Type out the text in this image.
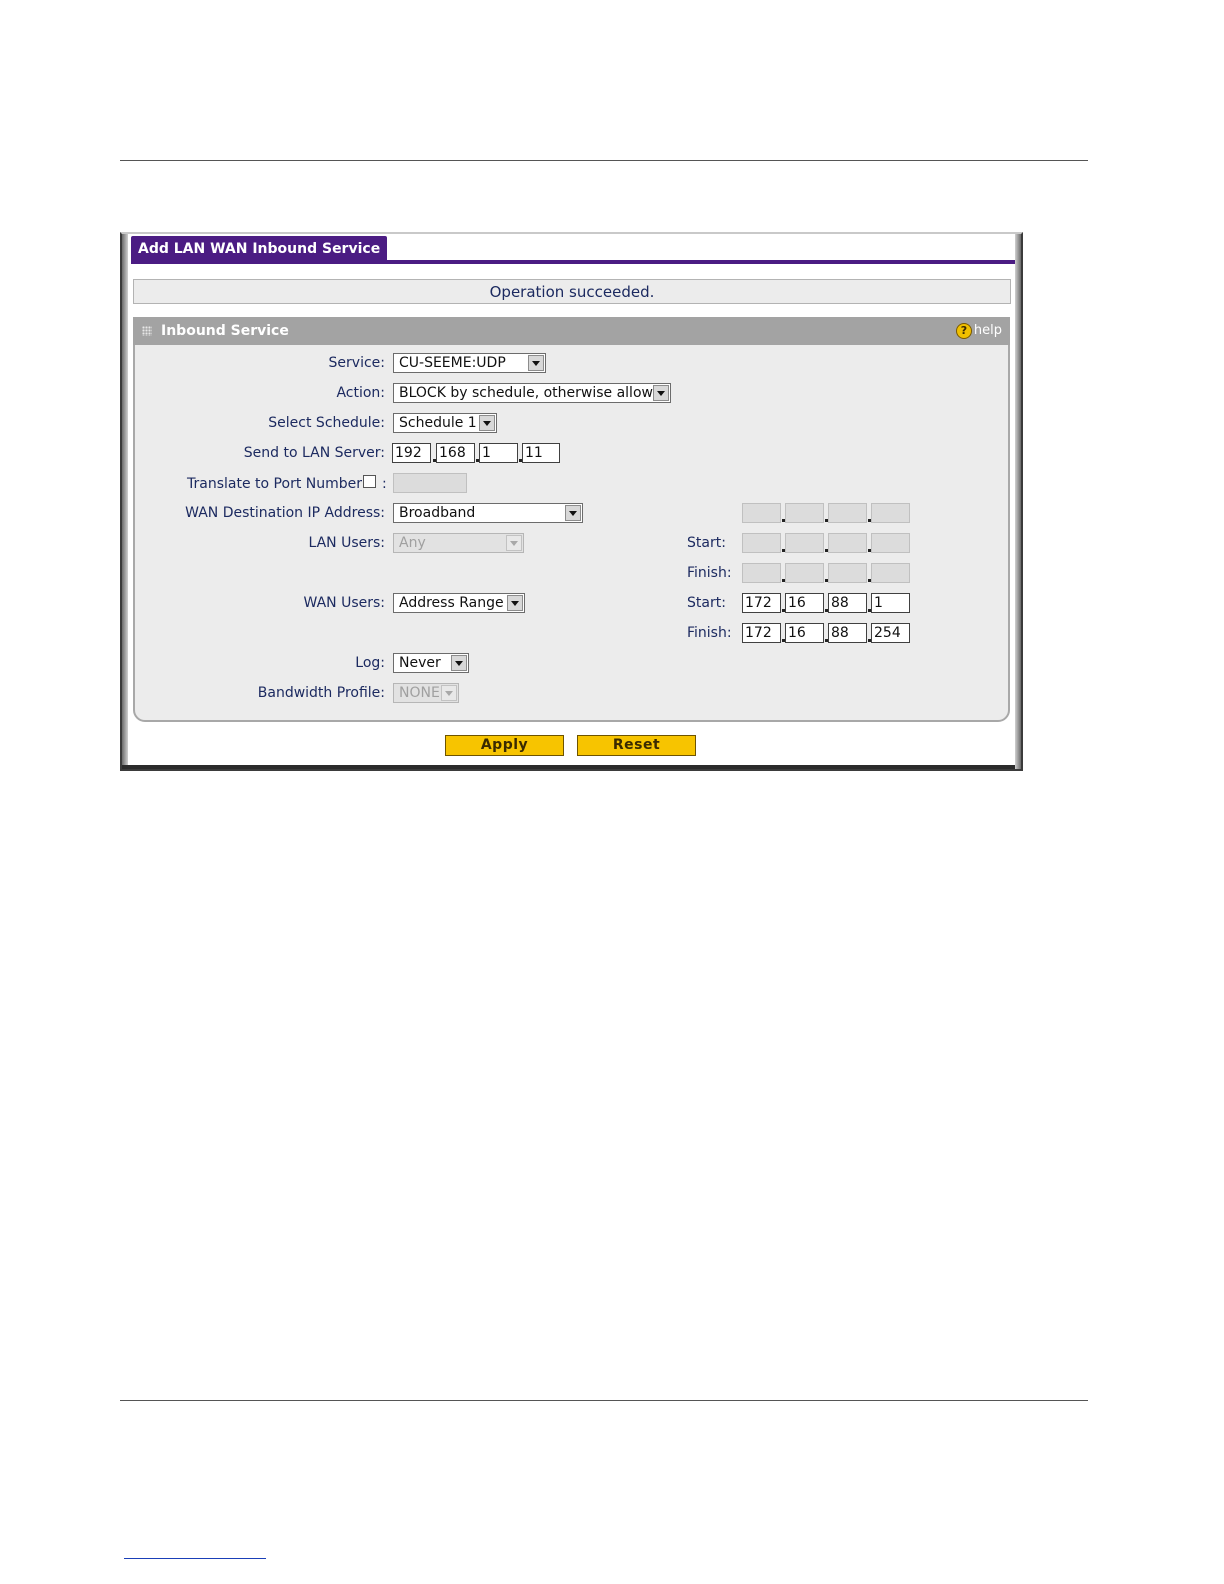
Add LAN WAN Inbound Service
Operation succeeded.
Inbound Service	? help
Service:	CU-SEEME:UDP
Action:	BLOCK by schedule, otherwise allow
Select Schedule:	Schedule 1
Send to LAN Server: 192	168	1	11
Translate to Port Number :
WAN Destination IP Address:	Broadband
LAN Users:	Any	Start:
Finish:
WAN Users:	Address Range	Start: 172	16	88	1
Finish: 172	16	88	254
Log:	Never
Bandwidth Profile:	NONE
Apply	Reset
